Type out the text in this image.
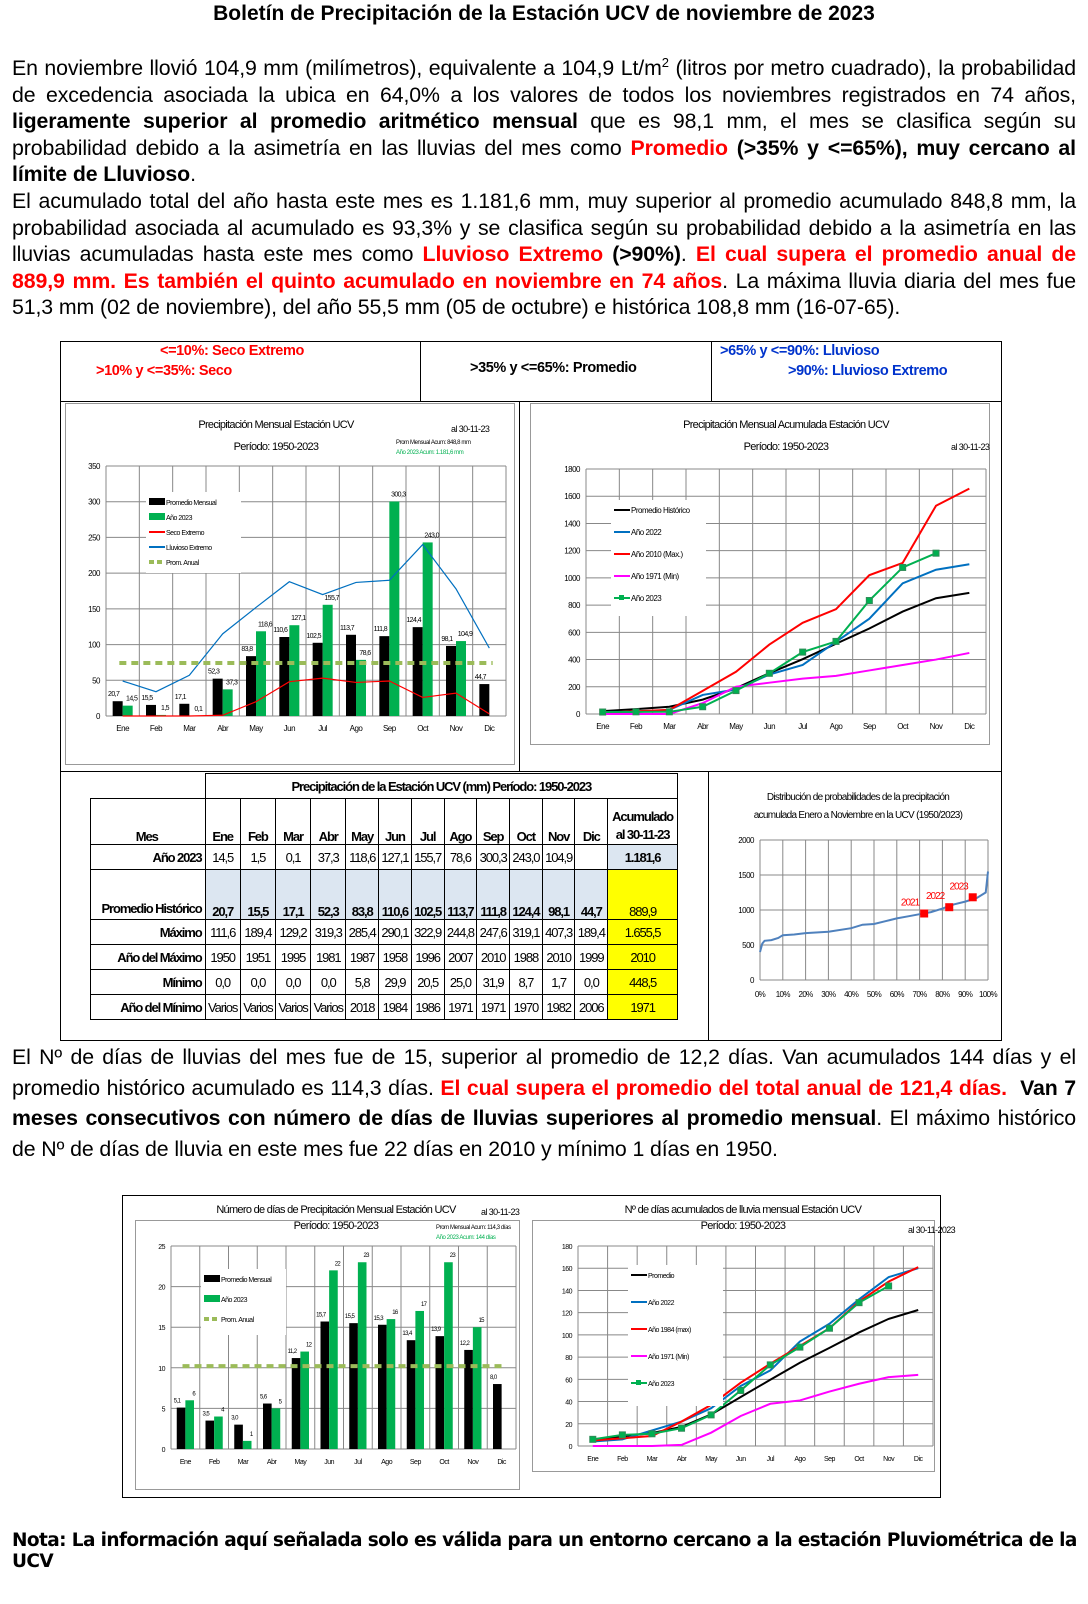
Boletín de Precipitación de la Estación UCV de noviembre de 2023
En noviembre llovió 104,9 mm (milímetros), equivalente a 104,9 $Lt/m^2$ (litros por metro cuadrado), la probabilidad de excedencia asociada la ubica en 64,0% a los valores de todos los noviembres registrados en 74 años, ligeramente superior al promedio aritmético mensual que es 98,1 mm, el mes se clasifica según su probabilidad debido a la asimetría en las lluvias del mes como Promedio (>35% y <=65%), muy cercano al límite de Lluvioso.
El acumulado total del año hasta este mes es 1.181,6 mm, muy superior al promedio acumulado 848,8 mm, la probabilidad asociada al acumulado es 93,3% y se clasifica según su probabilidad debido a la asimetría en las lluvias acumuladas hasta este mes como Lluvioso Extremo (>90%). El cual supera el promedio anual de 889,9 mm. Es también el quinto acumulado en noviembre en 74 años. La máxima lluvia diaria del mes fue 51,3 mm (02 de noviembre), del año 55,5 mm (05 de octubre) e histórica 108,8 mm (16-07-65).
<=10%: Seco Extremo
>10% y <=35%: Seco	>35% y <=65%: Promedio
>65% y <=90%: Lluvioso
>90%: Lluvioso Extremo
Precipitación Mensual Estación UCV
Período: 1950-2023
al 30-11-23
Prom Mensual Acum: 848,8 mm
Año 2023 Acum: 1.181,6 mm
0
50
100
150
200
250
300
350
Ene	Feb	Mar	Abr	May	Jun	Jul	Ago	Sep	Oct	Nov	Dic
20,7
15,5	17,1
52,3
83,8
110,6
102,5
113,7	111,8
124,4
98,1
44,7
14,5
1,5	0,1
37,3
118,6
127,1
155,7
78,6
300,3
243,0
104,9
Promedio Mensual
Año 2023
Seco Extremo
Lluvioso Extremo
Prom. Anual
Precipitación Mensual Acumulada Estación UCV
Período: 1950-2023	al 30-11-23
0
200
400
600
800
1000
1200
1400
1600
1800
Ene	Feb	Mar	Abr	May	Jun	Jul	Ago	Sep	Oct	Nov	Dic
Promedio Histórico
Año 2022
Año 2010 (Max.)
Año 1971 (Min)
Año 2023
	Precipitación de la Estación UCV (mm) Período: 1950-2023												
Mes	Ene	Feb	Mar	Abr	May	Jun	Jul	Ago	Sep	Oct	Nov	Dic	Acumulado
al 30-11-23

Año 2023	14,5	1,5	0,1	37,3	118,6	127,1	155,7	78,6	300,3	243,0	104,9		1.181,6
Promedio Histórico	20,7	15,5	17,1	52,3	83,8	110,6	102,5	113,7	111,8	124,4	98,1	44,7	889,9
Máximo	111,6	189,4	129,2	319,3	285,4	290,1	322,9	244,8	247,6	319,1	407,3	189,4	1.655,5
Año del Máximo	1950	1951	1995	1981	1987	1958	1996	2007	2010	1988	2010	1999	2010
Mínimo	0,0	0,0	0,0	0,0	5,8	29,9	20,5	25,0	31,9	8,7	1,7	0,0	448,5
Año del Mínimo	Varios	Varios	Varios	Varios	2018	1984	1986	1971	1971	1970	1982	2006	1971
Distribución de probabilidades de la precipitación
acumulada Enero a Noviembre en la UCV (1950/2023)
0
500
1000
1500
2000
0% 10% 20% 30% 40% 50% 60% 70% 80% 90% 100%
2021
2022
2023
El Nº de días de lluvias del mes fue de 15, superior al promedio de 12,2 días. Van acumulados 144 días y el promedio histórico acumulado es 114,3 días. El cual supera el promedio del total anual de 121,4 días.  Van 7 meses consecutivos con número de días de lluvias superiores al promedio mensual. El máximo histórico de Nº de días de lluvia en este mes fue 22 días en 2010 y mínimo 1 días en 1950.
Número de días de Precipitación Mensual Estación UCV
Período: 1950-2023
al 30-11-23
Prom Mensual Acum: 114,3 días
Año 2023 Acum: 144 días
0
5
10
15
20
25
Ene	Feb	Mar	Abr	May	Jun	Jul	Ago	Sep	Oct	Nov	Dic
5,1
3,5
3,0
5,6
11,2
15,7	15,5	15,3
13,4
13,9
12,2
8,0
6
4
1
5
12
22
23
16
17
23
15
Promedio Mensual
Año 2023
Prom. Anual
Nº de días acumulados de lluvia mensual Estación UCV
Período: 1950-2023	al 30-11-2023
0
20
40
60
80
100
120
140
160
180
Ene	Feb	Mar	Abr	May	Jun	Jul	Ago	Sep	Oct	Nov	Dic
Promedio
Año 2022
Año 1984 (max)
Año 1971 (Min)
Año 2023
Nota: La información aquí señalada solo es válida para un entorno cercano a la estación Pluviométrica de la UCV
